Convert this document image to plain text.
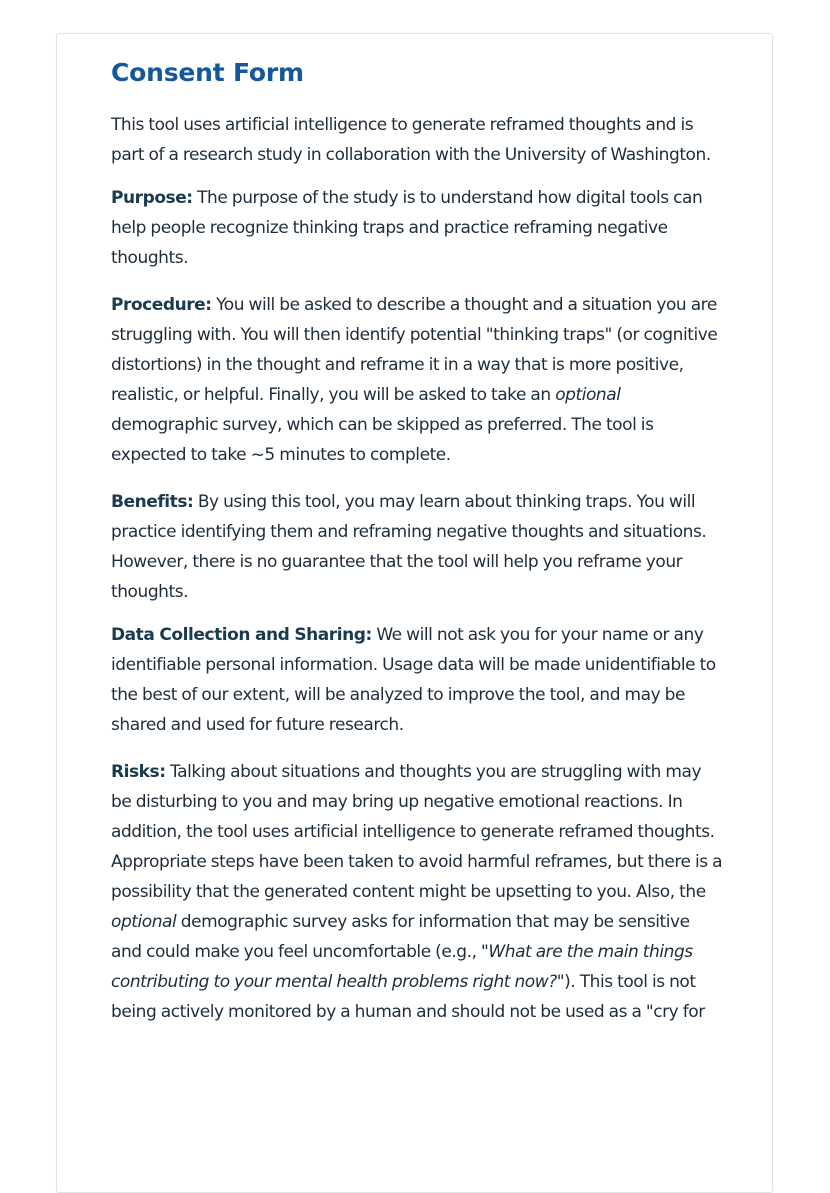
Consent Form

This tool uses artificial intelligence to generate reframed thoughts and is part of a research study in collaboration with the University of Washington.

Purpose: The purpose of the study is to understand how digital tools can help people recognize thinking traps and practice reframing negative thoughts.

Procedure: You will be asked to describe a thought and a situation you are struggling with. You will then identify potential "thinking traps" (or cognitive distortions) in the thought and reframe it in a way that is more positive, realistic, or helpful. Finally, you will be asked to take an optional demographic survey, which can be skipped as preferred. The tool is expected to take ~5 minutes to complete.

Benefits: By using this tool, you may learn about thinking traps. You will practice identifying them and reframing negative thoughts and situations. However, there is no guarantee that the tool will help you reframe your thoughts.

Data Collection and Sharing: We will not ask you for your name or any identifiable personal information. Usage data will be made unidentifiable to the best of our extent, will be analyzed to improve the tool, and may be shared and used for future research.

Risks: Talking about situations and thoughts you are struggling with may be disturbing to you and may bring up negative emotional reactions. In addition, the tool uses artificial intelligence to generate reframed thoughts. Appropriate steps have been taken to avoid harmful reframes, but there is a possibility that the generated content might be upsetting to you. Also, the optional demographic survey asks for information that may be sensitive and could make you feel uncomfortable (e.g., "What are the main things contributing to your mental health problems right now?"). This tool is not being actively monitored by a human and should not be used as a "cry for
